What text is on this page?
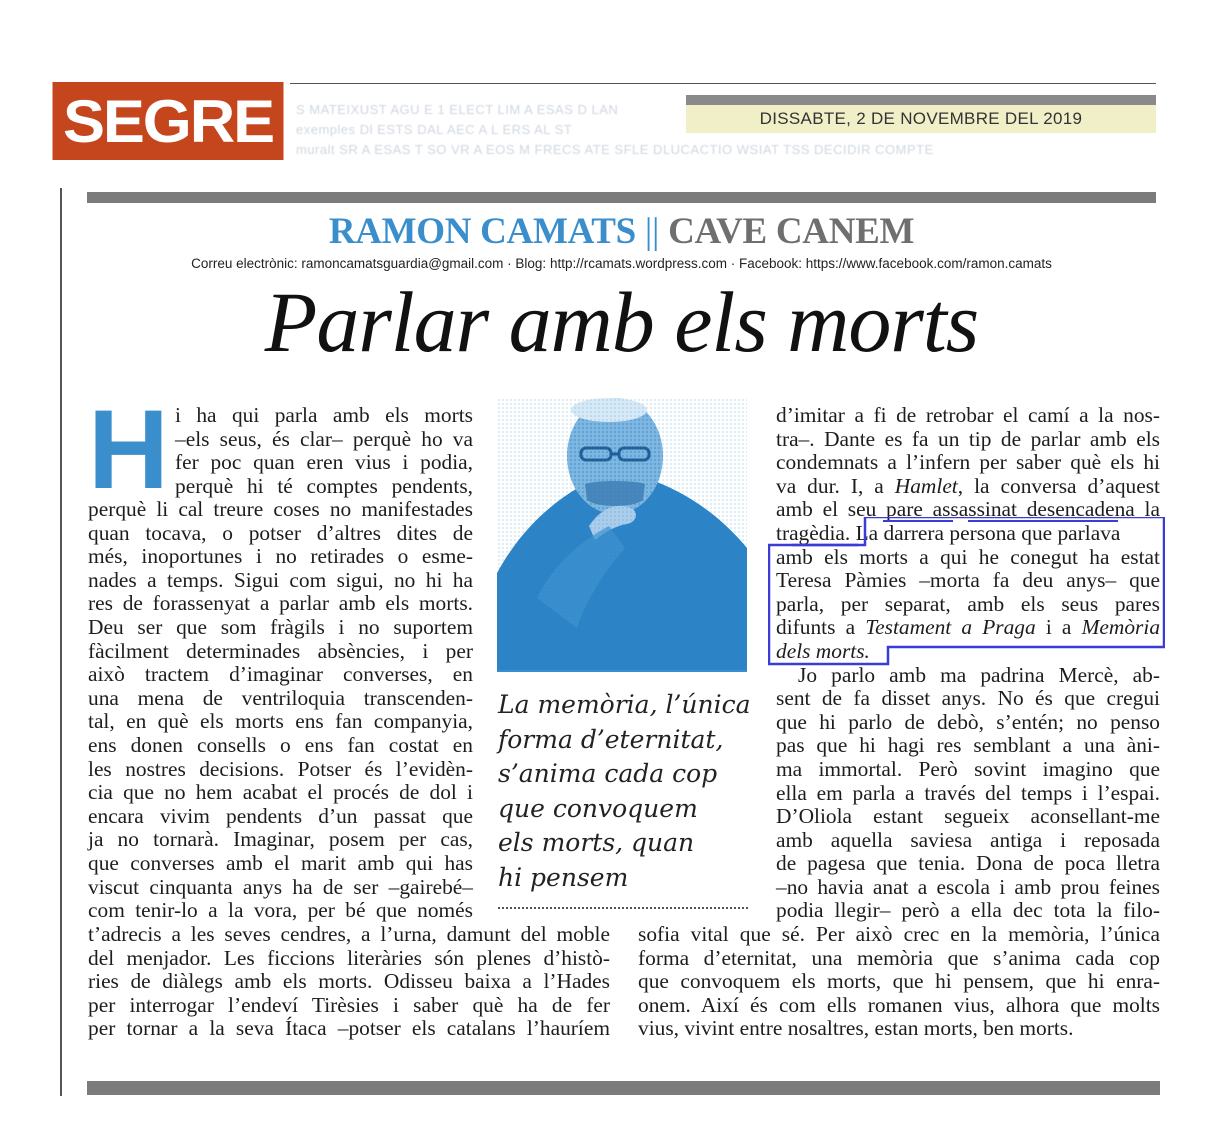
SEGRE S MATEIXUST AGU E 1 ELECT LIM A ESAS D LAN
exemples Dl ESTS DAL AEC A L ERS AL ST
muralt SR A ESAS T SO VR A EOS M FRECS ATE SFLE DLUCACTIO WSIAT TSS DECIDIR COMPTE
DISSABTE, 2 DE NOVEMBRE DEL 2019
RAMON CAMATS || CAVE CANEM
Correu electrònic: ramoncamatsguardia@gmail.com · Blog: http://rcamats.wordpress.com · Facebook: https://www.facebook.com/ramon.camats
Parlar amb els morts
H i ha qui parla amb els morts
–els seus, és clar– perquè ho va
fer poc quan eren vius i podia,
perquè hi té comptes pendents,
perquè li cal treure coses no manifestades
quan tocava, o potser d’altres dites de
més, inoportunes i no retirades o esme-
nades a temps. Sigui com sigui, no hi ha
res de forassenyat a parlar amb els morts.
Deu ser que som fràgils i no suportem
fàcilment determinades absències, i per
això tractem d’imaginar converses, en
una mena de ventriloquia transcenden-
tal, en què els morts ens fan companyia,
ens donen consells o ens fan costat en
les nostres decisions. Potser és l’evidèn-
cia que no hem acabat el procés de dol i
encara vivim pendents d’un passat que
ja no tornarà. Imaginar, posem per cas,
que converses amb el marit amb qui has
viscut cinquanta anys ha de ser –gairebé–
com tenir-lo a la vora, per bé que només
t’adrecis a les seves cendres, a l’urna, damunt del moble
del menjador. Les ficcions literàries són plenes d’histò-
ries de diàlegs amb els morts. Odisseu baixa a l’Hades
per interrogar l’endeví Tirèsies i saber què ha de fer
per tornar a la seva Ítaca –potser els catalans l’hauríem
La memòria, l’única
forma d’eternitat,
s’anima cada cop
que convoquem
els morts, quan
hi pensem
d’imitar a fi de retrobar el camí a la nos-
tra–. Dante es fa un tip de parlar amb els
condemnats a l’infern per saber què els hi
va dur. I, a Hamlet, la conversa d’aquest
amb el seu pare assassinat desencadena la
tragèdia. La darrera persona que parlava
amb els morts a qui he conegut ha estat
Teresa Pàmies –morta fa deu anys– que
parla, per separat, amb els seus pares
difunts a Testament a Praga i a Memòria
dels morts.
Jo parlo amb ma padrina Mercè, ab-
sent de fa disset anys. No és que cregui
que hi parlo de debò, s’entén; no penso
pas que hi hagi res semblant a una àni-
ma immortal. Però sovint imagino que
ella em parla a través del temps i l’espai.
D’Oliola estant segueix aconsellant-me
amb aquella saviesa antiga i reposada
de pagesa que tenia. Dona de poca lletra
–no havia anat a escola i amb prou feines
podia llegir– però a ella dec tota la filo-
sofia vital que sé. Per això crec en la memòria, l’única
forma d’eternitat, una memòria que s’anima cada cop
que convoquem els morts, que hi pensem, que hi enra-
onem. Així és com ells romanen vius, alhora que molts
vius, vivint entre nosaltres, estan morts, ben morts.
